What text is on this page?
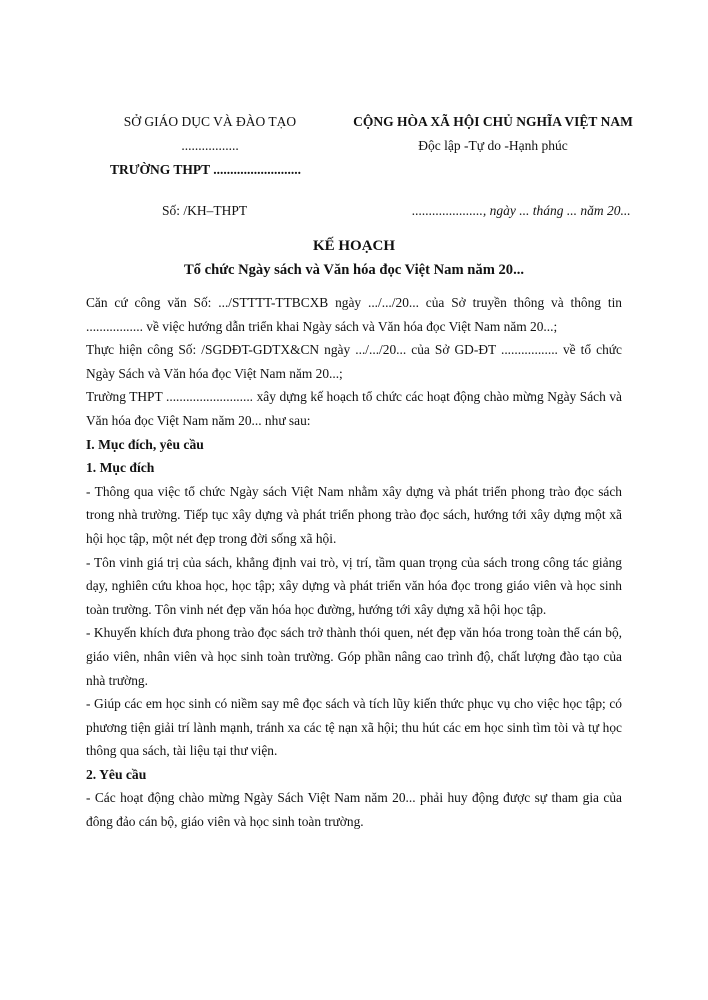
SỞ GIÁO DỤC VÀ ĐÀO TẠO
.................
TRƯỜNG THPT ..........................
CỘNG HÒA XÃ HỘI CHỦ NGHĨA VIỆT NAM
Độc lập -Tự do -Hạnh phúc
Số: /KH–THPT	....................., ngày ... tháng ... năm 20...
KẾ HOẠCH
Tổ chức Ngày sách và Văn hóa đọc Việt Nam năm 20...

Căn cứ công văn Số: .../STTTT-TTBCXB ngày .../.../20... của Sở truyền thông và thông tin ................. về việc hướng dẫn triển khai Ngày sách và Văn hóa đọc Việt Nam năm 20...;

Thực hiện công Số: /SGDĐT-GDTX&CN ngày .../.../20... của Sở GD-ĐT ................. về tổ chức Ngày Sách và Văn hóa đọc Việt Nam năm 20...;

Trường THPT .......................... xây dựng kế hoạch tổ chức các hoạt động chào mừng Ngày Sách và Văn hóa đọc Việt Nam năm 20... như sau:

I. Mục đích, yêu cầu
1. Mục đích

- Thông qua việc tổ chức Ngày sách Việt Nam nhằm xây dựng và phát triển phong trào đọc sách trong nhà trường. Tiếp tục xây dựng và phát triển phong trào đọc sách, hướng tới xây dựng một xã hội học tập, một nét đẹp trong đời sống xã hội.

- Tôn vinh giá trị của sách, khẳng định vai trò, vị trí, tầm quan trọng của sách trong công tác giảng dạy, nghiên cứu khoa học, học tập; xây dựng và phát triển văn hóa đọc trong giáo viên và học sinh toàn trường. Tôn vinh nét đẹp văn hóa học đường, hướng tới xây dựng xã hội học tập.

- Khuyến khích đưa phong trào đọc sách trở thành thói quen, nét đẹp văn hóa trong toàn thể cán bộ, giáo viên, nhân viên và học sinh toàn trường. Góp phần nâng cao trình độ, chất lượng đào tạo của nhà trường.

- Giúp các em học sinh có niềm say mê đọc sách và tích lũy kiến thức phục vụ cho việc học tập; có phương tiện giải trí lành mạnh, tránh xa các tệ nạn xã hội; thu hút các em học sinh tìm tòi và tự học thông qua sách, tài liệu tại thư viện.

2. Yêu cầu

- Các hoạt động chào mừng Ngày Sách Việt Nam năm 20... phải huy động được sự tham gia của đông đảo cán bộ, giáo viên và học sinh toàn trường.
